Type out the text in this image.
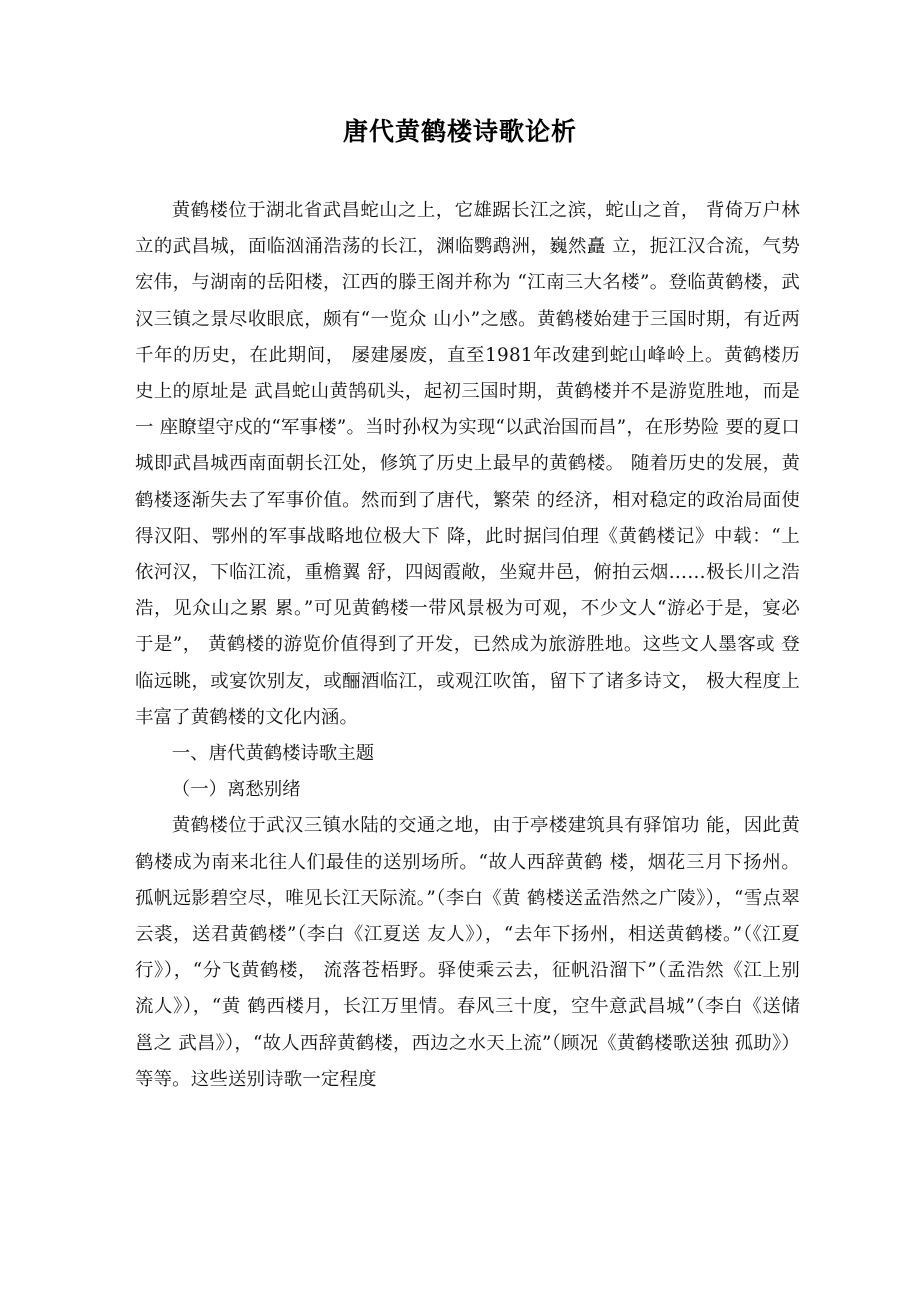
唐代黄鹤楼诗歌论析

黄鹤楼位于湖北省武昌蛇山之上，它雄踞长江之滨，蛇山之首， 背倚万户林立的武昌城，面临汹涌浩荡的长江，渊临鹦鹉洲，巍然矗 立，扼江汉合流，气势宏伟，与湖南的岳阳楼，江西的滕王阁并称为 “江南三大名楼”。登临黄鹤楼，武汉三镇之景尽收眼底，颇有“一览众 山小”之感。黄鹤楼始建于三国时期，有近两千年的历史，在此期间， 屡建屡废，直至1981年改建到蛇山峰岭上。黄鹤楼历史上的原址是 武昌蛇山黄鹄矶头，起初三国时期，黄鹤楼并不是游览胜地，而是一 座瞭望守戍的“军事楼”。当时孙权为实现“以武治国而昌”，在形势险 要的夏口城即武昌城西南面朝长江处，修筑了历史上最早的黄鹤楼。 随着历史的发展，黄鹤楼逐渐失去了军事价值。然而到了唐代，繁荣 的经济，相对稳定的政治局面使得汉阳、鄂州的军事战略地位极大下 降，此时据闫伯理《黄鹤楼记》中载：“上依河汉，下临江流，重檐翼 舒，四闼霞敞，坐窥井邑，俯拍云烟……极长川之浩浩，见众山之累 累。”可见黄鹤楼一带风景极为可观，不少文人“游必于是，宴必于是”， 黄鹤楼的游览价值得到了开发，已然成为旅游胜地。这些文人墨客或 登临远眺，或宴饮别友，或酾酒临江，或观江吹笛，留下了诸多诗文， 极大程度上丰富了黄鹤楼的文化内涵。

一、唐代黄鹤楼诗歌主题

（一）离愁别绪

黄鹤楼位于武汉三镇水陆的交通之地，由于亭楼建筑具有驿馆功 能，因此黄鹤楼成为南来北往人们最佳的送别场所。“故人西辞黄鹤 楼，烟花三月下扬州。孤帆远影碧空尽，唯见长江天际流。”（李白《黄 鹤楼送孟浩然之广陵》），“雪点翠云裘，送君黄鹤楼”（李白《江夏送 友人》），“去年下扬州，相送黄鹤楼。”（《江夏行》），“分飞黄鹤楼， 流落苍梧野。驿使乘云去，征帆沿溜下”（孟浩然《江上别流人》），“黄 鹤西楼月，长江万里情。春风三十度，空牛意武昌城”（李白《送储邕之 武昌》），“故人西辞黄鹤楼，西边之水天上流”（顾况《黄鹤楼歌送独 孤助》）等等。这些送别诗歌一定程度
